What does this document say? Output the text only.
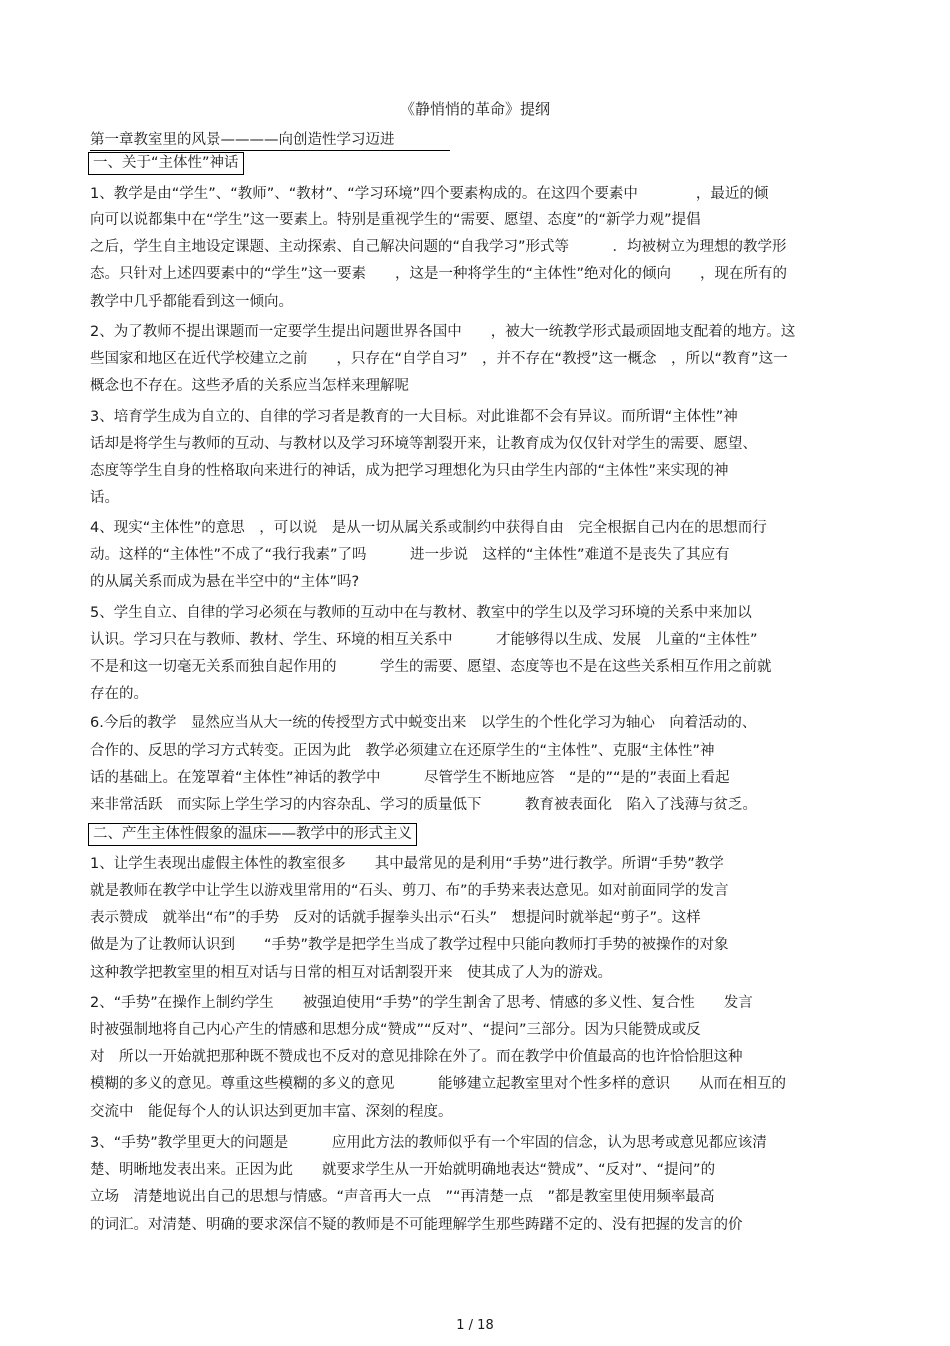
《静悄悄的革命》提纲
第一章教室里的风景————向创造性学习迈进
一、关于“主体性”神话
1、教学是由“学生”、“教师”、“教材”、“学习环境”四个要素构成的。在这四个要素中　　　　，最近的倾
向可以说都集中在“学生”这一要素上。特别是重视学生的“需要、愿望、态度”的“新学力观”提倡
之后，学生自主地设定课题、主动探索、自己解决问题的“自我学习”形式等　　　．均被树立为理想的教学形
态。只针对上述四要素中的“学生”这一要素　　，这是一种将学生的“主体性”绝对化的倾向　　，现在所有的
教学中几乎都能看到这一倾向。
2、为了教师不提出课题而一定要学生提出问题世界各国中　　，被大一统教学形式最顽固地支配着的地方。这
些国家和地区在近代学校建立之前　　，只存在“自学自习”　，并不存在“教授”这一概念　，所以“教育”这一
概念也不存在。这些矛盾的关系应当怎样来理解呢
3、培育学生成为自立的、自律的学习者是教育的一大目标。对此谁都不会有异议。而所谓“主体性”神
话却是将学生与教师的互动、与教材以及学习环境等割裂开来，让教育成为仅仅针对学生的需要、愿望、
态度等学生自身的性格取向来进行的神话，成为把学习理想化为只由学生内部的“主体性”来实现的神
话。
4、现实“主体性”的意思　，可以说　是从一切从属关系或制约中获得自由　完全根据自己内在的思想而行
动。这样的“主体性”不成了“我行我素”了吗　　　进一步说　这样的“主体性”难道不是丧失了其应有
的从属关系而成为悬在半空中的“主体”吗?
5、学生自立、自律的学习必须在与教师的互动中在与教材、教室中的学生以及学习环境的关系中来加以
认识。学习只在与教师、教材、学生、环境的相互关系中　　　才能够得以生成、发展　儿童的“主体性”
不是和这一切毫无关系而独自起作用的　　　学生的需要、愿望、态度等也不是在这些关系相互作用之前就
存在的。
6.今后的教学　显然应当从大一统的传授型方式中蜕变出来　以学生的个性化学习为轴心　向着活动的、
合作的、反思的学习方式转变。正因为此　教学必须建立在还原学生的“主体性”、克服“主体性”神
话的基础上。在笼罩着“主体性”神话的教学中　　　尽管学生不断地应答　“是的”“是的”表面上看起
来非常活跃　而实际上学生学习的内容杂乱、学习的质量低下　　　教育被表面化　陷入了浅薄与贫乏。
二、产生主体性假象的温床——教学中的形式主义
1、让学生表现出虚假主体性的教室很多　　其中最常见的是利用“手势”进行教学。所谓“手势”教学
就是教师在教学中让学生以游戏里常用的“石头、剪刀、布”的手势来表达意见。如对前面同学的发言
表示赞成　就举出“布”的手势　反对的话就手握拳头出示“石头”　想提问时就举起“剪子”。这样
做是为了让教师认识到　　“手势”教学是把学生当成了教学过程中只能向教师打手势的被操作的对象
这种教学把教室里的相互对话与日常的相互对话割裂开来　使其成了人为的游戏。
2、“手势”在操作上制约学生　　被强迫使用“手势”的学生割舍了思考、情感的多义性、复合性　　发言
时被强制地将自己内心产生的情感和思想分成“赞成”“反对”、“提问”三部分。因为只能赞成或反
对　所以一开始就把那种既不赞成也不反对的意见排除在外了。而在教学中价值最高的也许恰恰胆这种
模糊的多义的意见。尊重这些模糊的多义的意见　　　能够建立起教室里对个性多样的意识　　从而在相互的
交流中　能促每个人的认识达到更加丰富、深刻的程度。
3、“手势”教学里更大的问题是　　　应用此方法的教师似乎有一个牢固的信念，认为思考或意见都应该清
楚、明晰地发表出来。正因为此　　就要求学生从一开始就明确地表达“赞成”、“反对”、“提问”的
立场　清楚地说出自己的思想与情感。“声音再大一点　”“再清楚一点　”都是教室里使用频率最高
的词汇。对清楚、明确的要求深信不疑的教师是不可能理解学生那些踌躇不定的、没有把握的发言的价
1 / 18
